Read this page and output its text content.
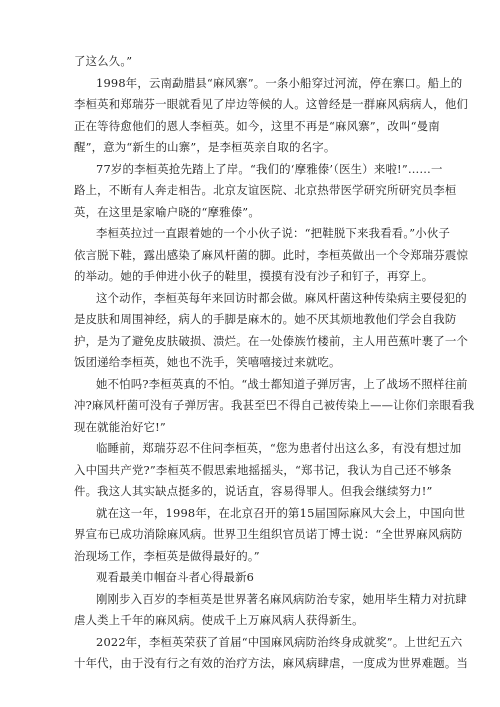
了这么久。”
1998年，云南勐腊县“麻风寨”。一条小船穿过河流，停在寨口。船上的
李桓英和郑瑞芬一眼就看见了岸边等候的人。这曾经是一群麻风病病人，他们
正在等待愈他们的恩人李桓英。如今，这里不再是“麻风寨”，改叫“曼南
醒”，意为“新生的山寨”，是李桓英亲自取的名字。
77岁的李桓英抢先踏上了岸。“我们的‘摩雅傣’（医生）来啦!”……一
路上，不断有人奔走相告。北京友谊医院、北京热带医学研究所研究员李桓
英，在这里是家喻户晓的“摩雅傣”。
李桓英拉过一直跟着她的一个小伙子说：“把鞋脱下来我看看。”小伙子
依言脱下鞋，露出感染了麻风杆菌的脚。此时，李桓英做出一个令郑瑞芬震惊
的举动。她的手伸进小伙子的鞋里，摸摸有没有沙子和钉子，再穿上。
这个动作，李桓英每年来回访时都会做。麻风杆菌这种传染病主要侵犯的
是皮肤和周围神经，病人的手脚是麻木的。她不厌其烦地教他们学会自我防
护，是为了避免皮肤破损、溃烂。在一处傣族竹楼前，主人用芭蕉叶裹了一个
饭团递给李桓英，她也不洗手，笑嘻嘻接过来就吃。
她不怕吗?李桓英真的不怕。“战士都知道子弹厉害，上了战场不照样往前
冲?麻风杆菌可没有子弹厉害。我甚至巴不得自己被传染上——让你们亲眼看我
现在就能治好它!”
临睡前，郑瑞芬忍不住问李桓英，“您为患者付出这么多，有没有想过加
入中国共产党?”李桓英不假思索地摇摇头，“郑书记，我认为自己还不够条
件。我这人其实缺点挺多的，说话直，容易得罪人。但我会继续努力!”
就在这一年，1998年，在北京召开的第15届国际麻风大会上，中国向世
界宣布已成功消除麻风病。世界卫生组织官员诺丁博士说：“全世界麻风病防
治现场工作，李桓英是做得最好的。”
观看最美巾帼奋斗者心得最新6
刚刚步入百岁的李桓英是世界著名麻风病防治专家，她用毕生精力对抗肆
虐人类上千年的麻风病。使成千上万麻风病人获得新生。
2022年，李桓英荣获了首届“中国麻风病防治终身成就奖”。上世纪五六
十年代，由于没有行之有效的治疗方法，麻风病肆虐，一度成为世界难题。当
